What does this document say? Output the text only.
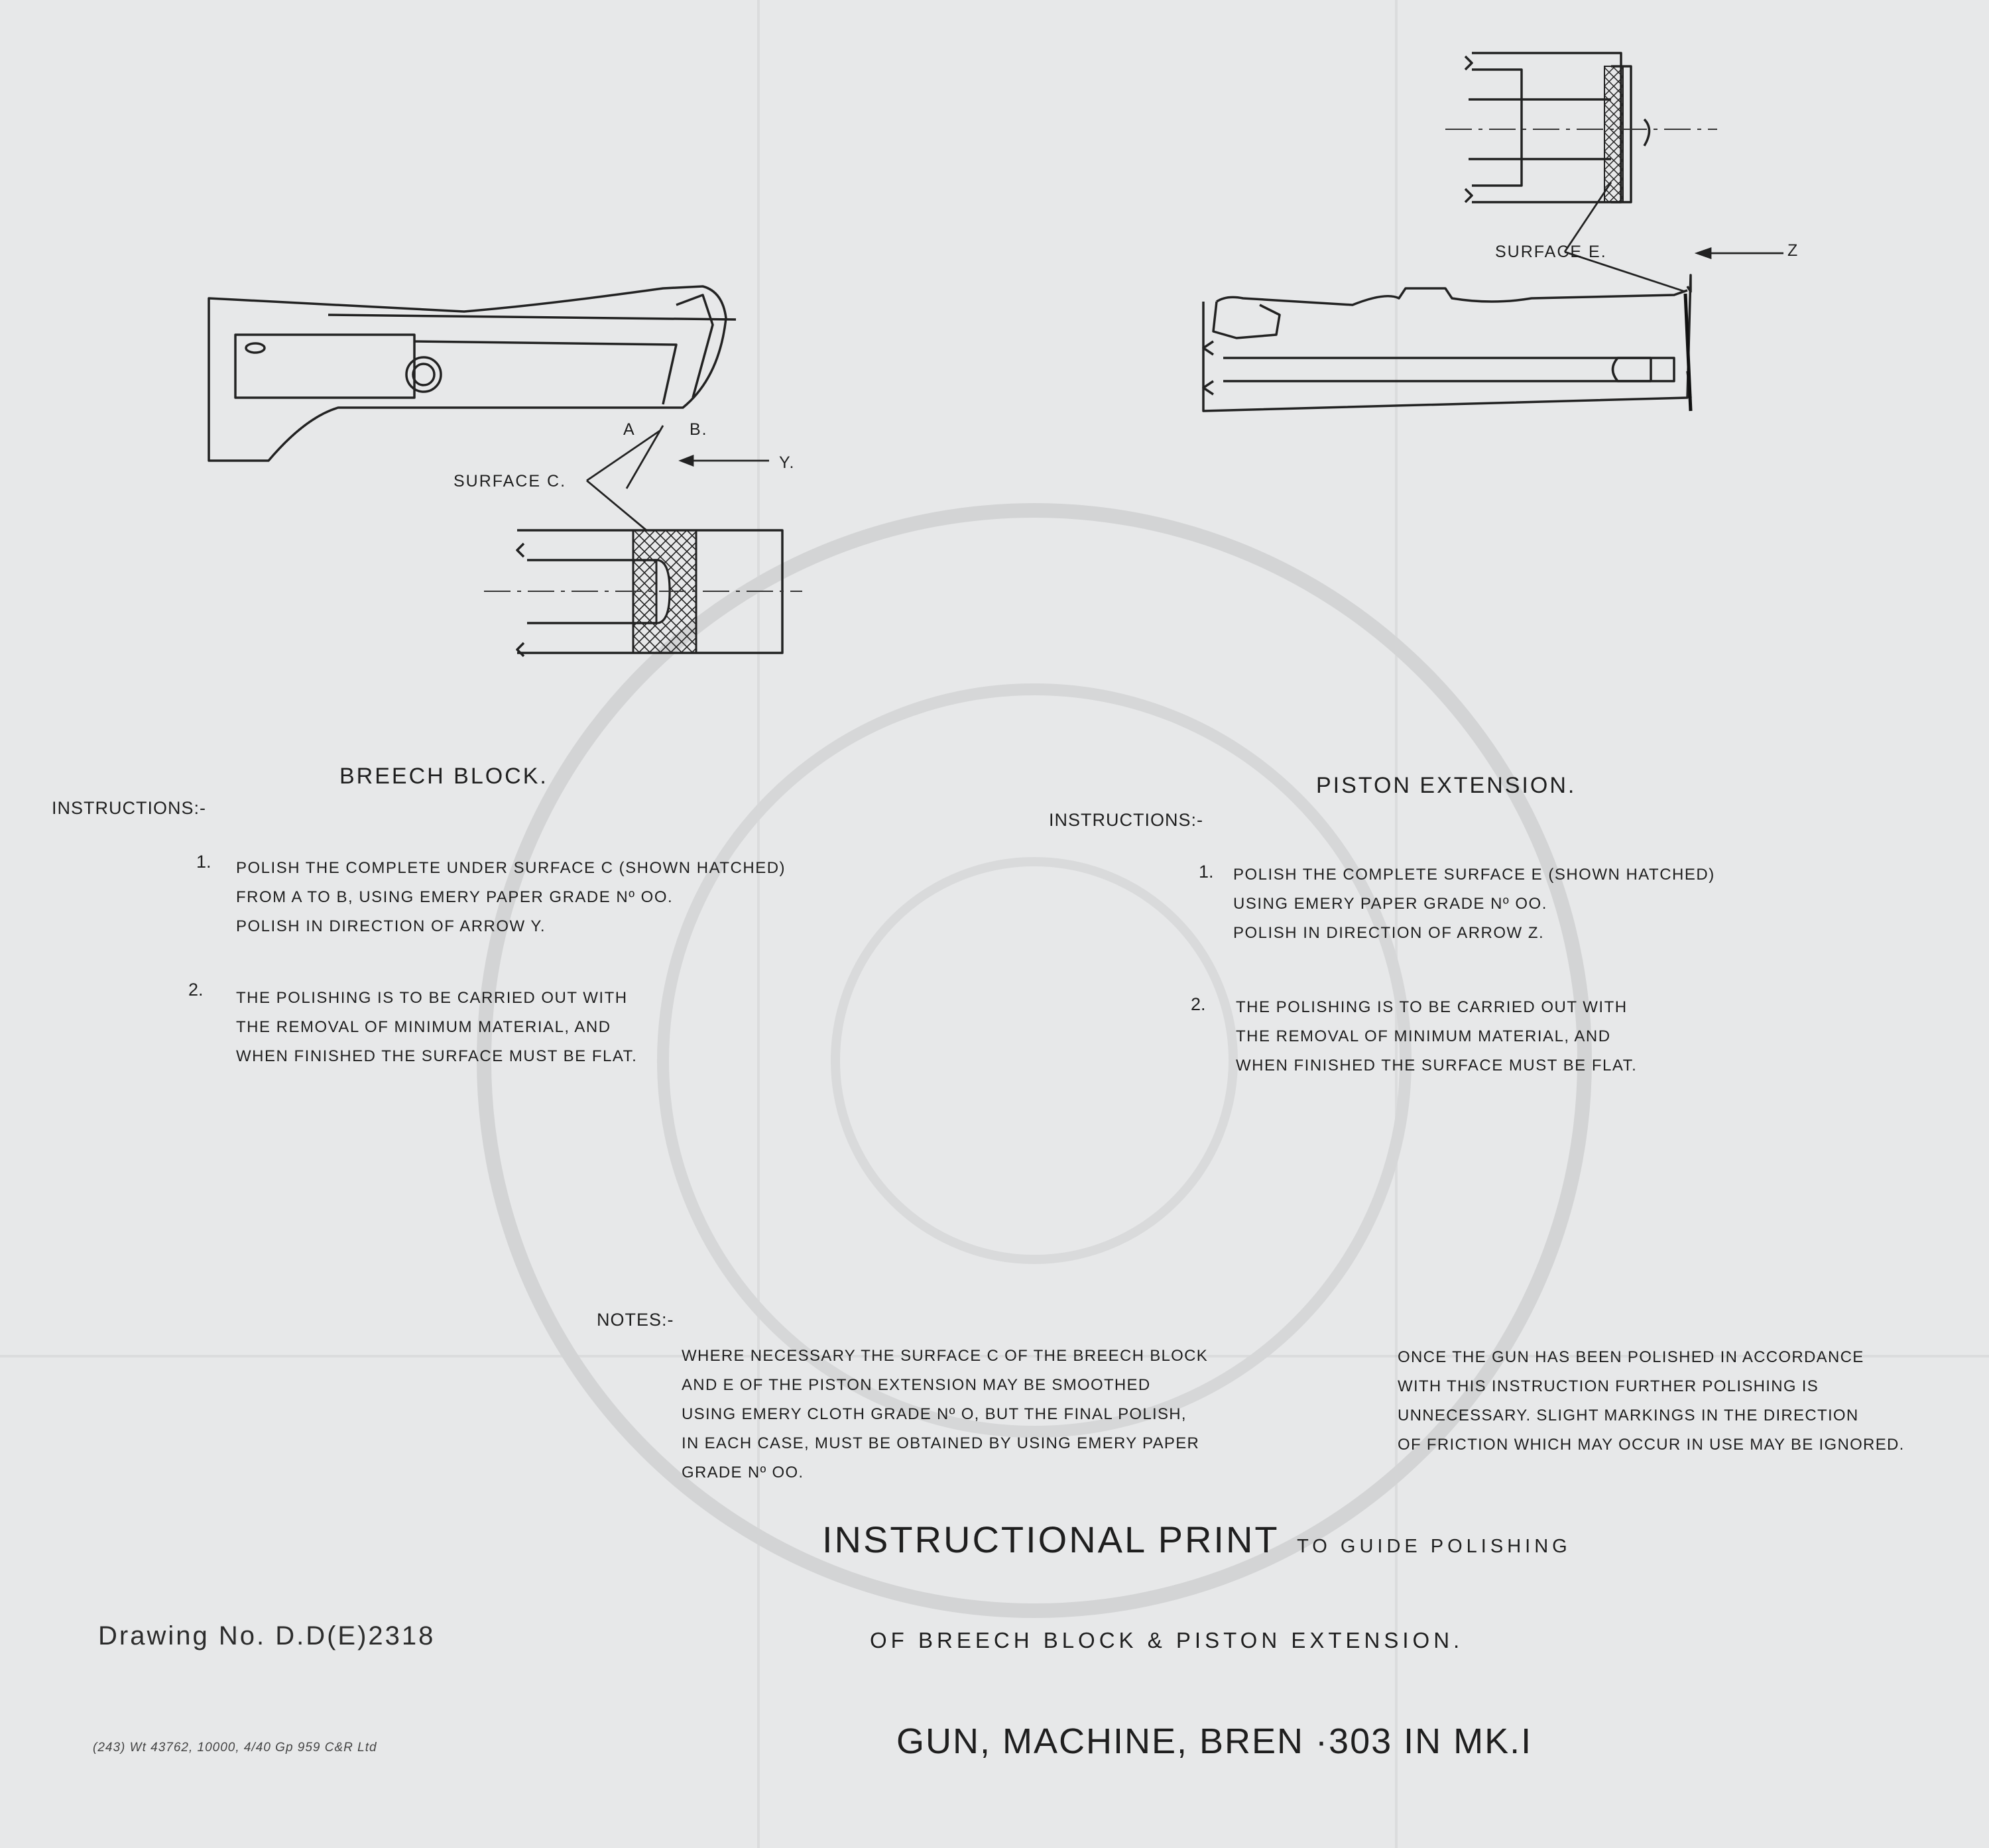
A	B.
SURFACE C.
Y.
SURFACE E.	Z
BREECH BLOCK.
INSTRUCTIONS:-
1. POLISH THE COMPLETE UNDER SURFACE C (SHOWN HATCHED)
FROM A TO B, USING EMERY PAPER GRADE Nº OO.
POLISH IN DIRECTION OF ARROW Y.
2. THE POLISHING IS TO BE CARRIED OUT WITH
THE REMOVAL OF MINIMUM MATERIAL, AND
WHEN FINISHED THE SURFACE MUST BE FLAT.
PISTON EXTENSION.
INSTRUCTIONS:-
1. POLISH THE COMPLETE SURFACE E (SHOWN HATCHED)
USING EMERY PAPER GRADE Nº OO.
POLISH IN DIRECTION OF ARROW Z.
2. THE POLISHING IS TO BE CARRIED OUT WITH
THE REMOVAL OF MINIMUM MATERIAL, AND
WHEN FINISHED THE SURFACE MUST BE FLAT.
NOTES:-
WHERE NECESSARY THE SURFACE C OF THE BREECH BLOCK
AND E OF THE PISTON EXTENSION MAY BE SMOOTHED
USING EMERY CLOTH GRADE Nº O, BUT THE FINAL POLISH,
IN EACH CASE, MUST BE OBTAINED BY USING EMERY PAPER
GRADE Nº OO.
ONCE THE GUN HAS BEEN POLISHED IN ACCORDANCE
WITH THIS INSTRUCTION FURTHER POLISHING IS
UNNECESSARY. SLIGHT MARKINGS IN THE DIRECTION
OF FRICTION WHICH MAY OCCUR IN USE MAY BE IGNORED.
INSTRUCTIONAL PRINT TO GUIDE POLISHING
OF BREECH BLOCK & PISTON EXTENSION.
GUN, MACHINE, BREN ·303 IN MK.I
Drawing No. D.D(E)2318
(243) Wt 43762, 10000, 4/40 Gp 959 C&R Ltd
